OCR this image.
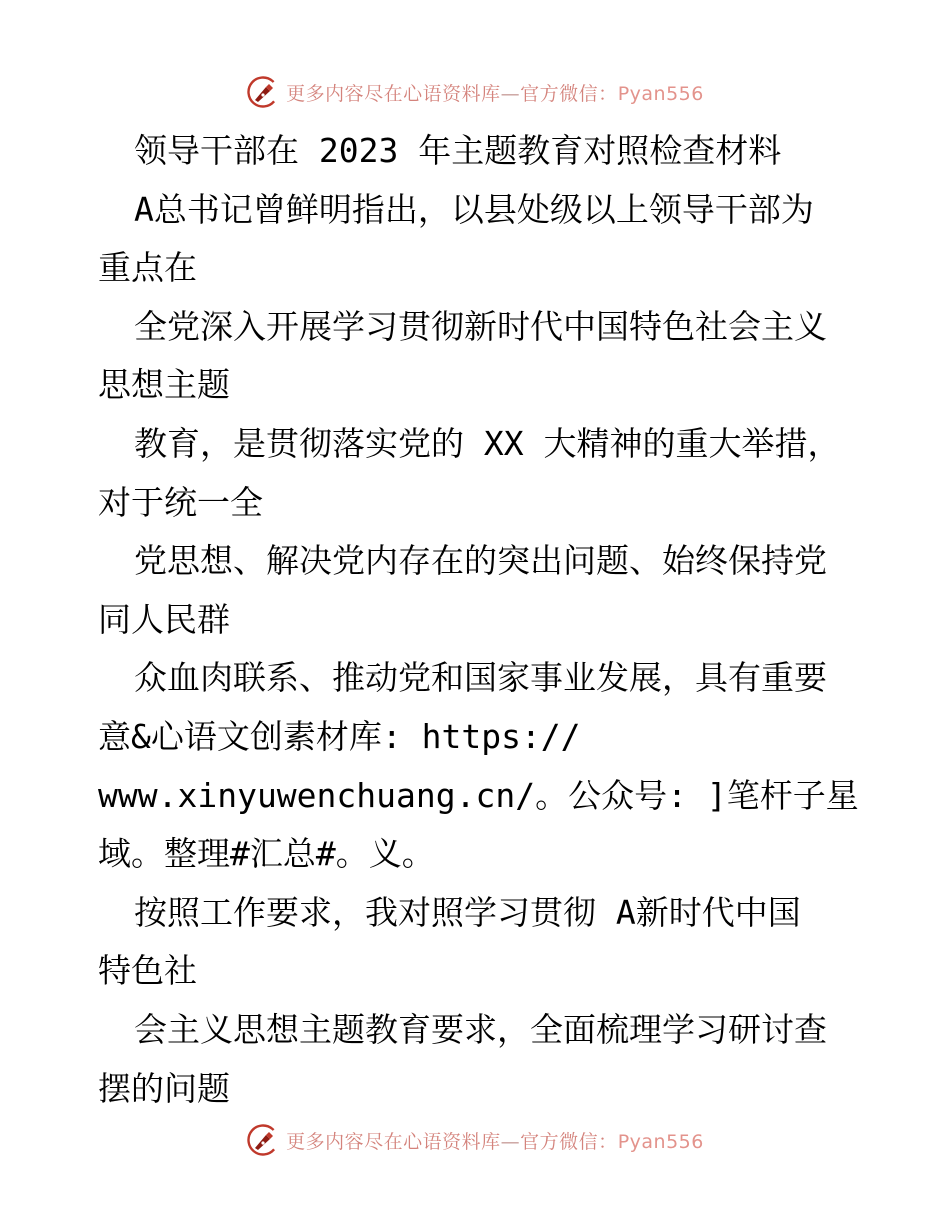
更多内容尽在心语资料库—官方微信：Pyan556
领导干部在 2023 年主题教育对照检查材料
A总书记曾鲜明指出，以县处级以上领导干部为
重点在
全党深入开展学习贯彻新时代中国特色社会主义
思想主题
教育，是贯彻落实党的 XX 大精神的重大举措，
对于统一全
党思想、解决党内存在的突出问题、始终保持党
同人民群
众血肉联系、推动党和国家事业发展，具有重要
意&心语文创素材库: https://
www.xinyuwenchuang.cn/。公众号: ]笔杆子星
域。整理#汇总#。义。
按照工作要求，我对照学习贯彻 A新时代中国
特色社
会主义思想主题教育要求，全面梳理学习研讨查
摆的问题
更多内容尽在心语资料库—官方微信：Pyan556
